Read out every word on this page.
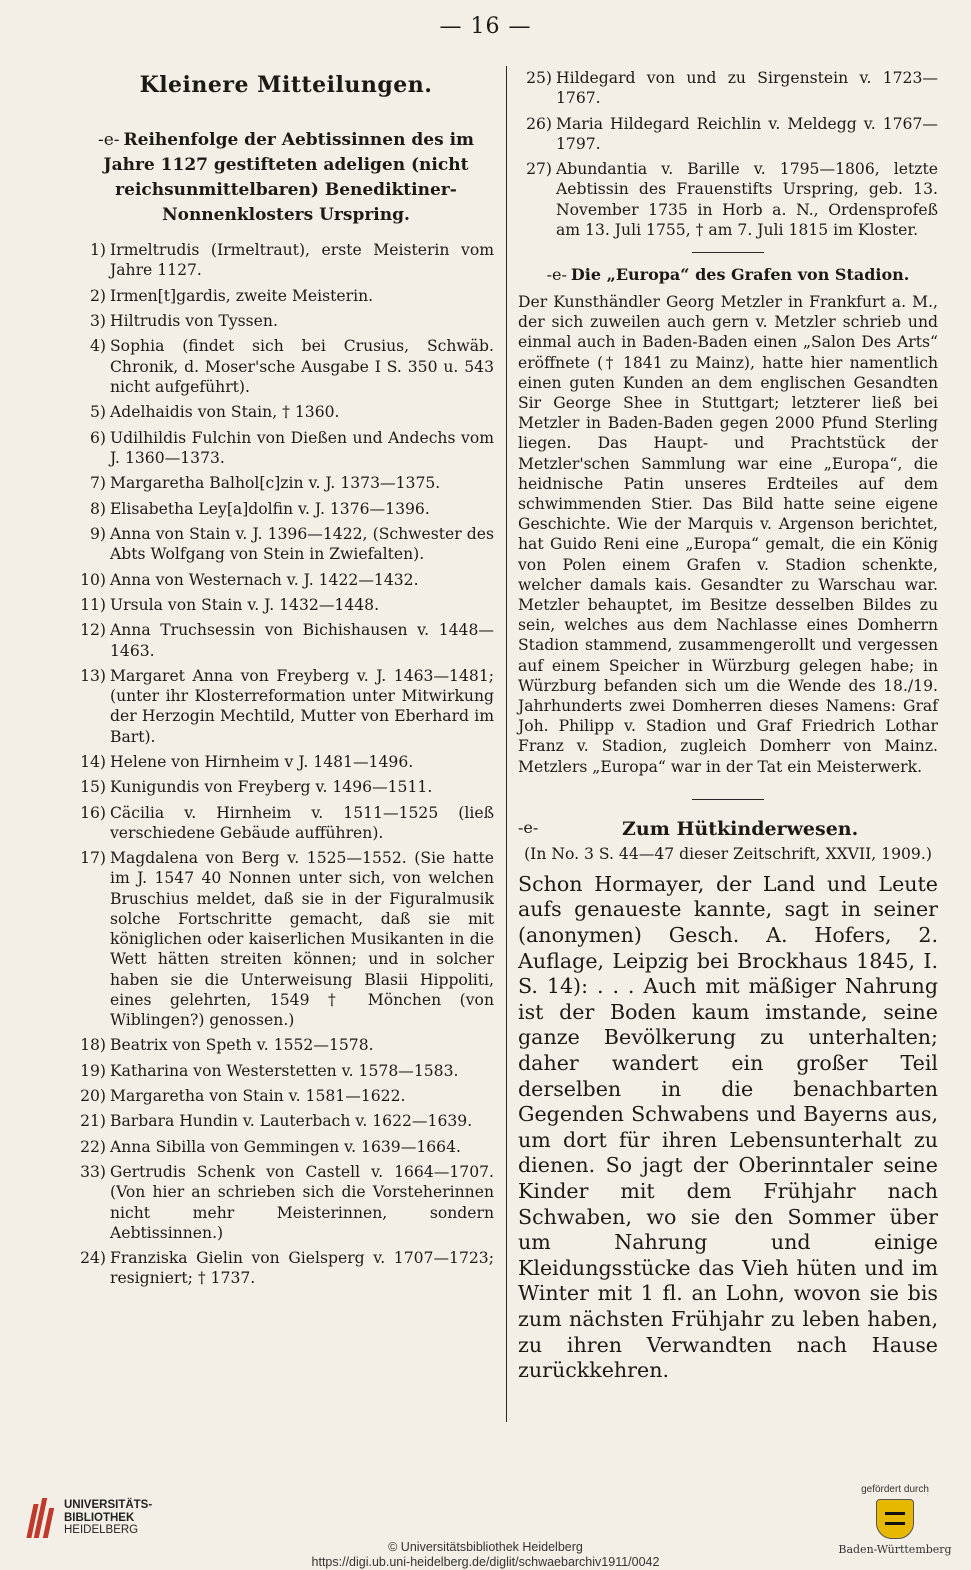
— 16 —
Kleinere Mitteilungen.
-e- Reihenfolge der Aebtissinnen des im Jahre 1127 gestifteten adeligen (nicht reichsunmittelbaren) Benediktiner-Nonnenklosters Urspring.
1) Irmeltrudis (Irmeltraut), erste Meisterin vom Jahre 1127.
2) Irmen[t]gardis, zweite Meisterin.
3) Hiltrudis von Tyssen.
4) Sophia (findet sich bei Crusius, Schwäb. Chronik, d. Moser'sche Ausgabe I S. 350 u. 543 nicht aufgeführt).
5) Adelhaidis von Stain, † 1360.
6) Udilhildis Fulchin von Dießen und Andechs vom J. 1360—1373.
7) Margaretha Balhol[c]zin v. J. 1373—1375.
8) Elisabetha Ley[a]dolfin v. J. 1376—1396.
9) Anna von Stain v. J. 1396—1422, (Schwester des Abts Wolfgang von Stein in Zwiefalten).
10) Anna von Westernach v. J. 1422—1432.
11) Ursula von Stain v. J. 1432—1448.
12) Anna Truchsessin von Bichishausen v. 1448—1463.
13) Margaret Anna von Freyberg v. J. 1463—1481; (unter ihr Klosterreformation unter Mitwirkung der Herzogin Mechtild, Mutter von Eberhard im Bart).
14) Helene von Hirnheim v J. 1481—1496.
15) Kunigundis von Freyberg v. 1496—1511.
16) Cäcilia v. Hirnheim v. 1511—1525 (ließ verschiedene Gebäude aufführen).
17) Magdalena von Berg v. 1525—1552. (Sie hatte im J. 1547 40 Nonnen unter sich, von welchen Bruschius meldet, daß sie in der Figuralmusik solche Fortschritte gemacht, daß sie mit königlichen oder kaiserlichen Musikanten in die Wett hätten streiten können; und in solcher haben sie die Unterweisung Blasii Hippoliti, eines gelehrten, 1549 † Mönchen (von Wiblingen?) genossen.)
18) Beatrix von Speth v. 1552—1578.
19) Katharina von Westerstetten v. 1578—1583.
20) Margaretha von Stain v. 1581—1622.
21) Barbara Hundin v. Lauterbach v. 1622—1639.
22) Anna Sibilla von Gemmingen v. 1639—1664.
33) Gertrudis Schenk von Castell v. 1664—1707. (Von hier an schrieben sich die Vorsteherinnen nicht mehr Meisterinnen, sondern Aebtissinnen.)
24) Franziska Gielin von Gielsperg v. 1707—1723; resigniert; † 1737.
25) Hildegard von und zu Sirgenstein v. 1723—1767.
26) Maria Hildegard Reichlin v. Meldegg v. 1767—1797.
27) Abundantia v. Barille v. 1795—1806, letzte Aebtissin des Frauenstifts Urspring, geb. 13. November 1735 in Horb a. N., Ordensprofeß am 13. Juli 1755, † am 7. Juli 1815 im Kloster.
-e- Die „Europa“ des Grafen von Stadion.

Der Kunsthändler Georg Metzler in Frankfurt a. M., der sich zuweilen auch gern v. Metzler schrieb und einmal auch in Baden-Baden einen „Salon Des Arts“ eröffnete († 1841 zu Mainz), hatte hier namentlich einen guten Kunden an dem englischen Gesandten Sir George Shee in Stuttgart; letzterer ließ bei Metzler in Baden-Baden gegen 2000 Pfund Sterling liegen. Das Haupt- und Prachtstück der Metzler'schen Sammlung war eine „Europa“, die heidnische Patin unseres Erdteiles auf dem schwimmenden Stier. Das Bild hatte seine eigene Geschichte. Wie der Marquis v. Argenson berichtet, hat Guido Reni eine „Europa“ gemalt, die ein König von Polen einem Grafen v. Stadion schenkte, welcher damals kais. Gesandter zu Warschau war. Metzler behauptet, im Besitze desselben Bildes zu sein, welches aus dem Nachlasse eines Domherrn Stadion stammend, zusammengerollt und vergessen auf einem Speicher in Würzburg gelegen habe; in Würzburg befanden sich um die Wende des 18./19. Jahrhunderts zwei Domherren dieses Namens: Graf Joh. Philipp v. Stadion und Graf Friedrich Lothar Franz v. Stadion, zugleich Domherr von Mainz. Metzlers „Europa“ war in der Tat ein Meisterwerk.

-e-	Zum Hütkinderwesen.
(In No. 3 S. 44—47 dieser Zeitschrift, XXVII, 1909.)

Schon Hormayer, der Land und Leute aufs genaueste kannte, sagt in seiner (anonymen) Gesch. A. Hofers, 2. Auflage, Leipzig bei Brockhaus 1845, I. S. 14): . . . Auch mit mäßiger Nahrung ist der Boden kaum imstande, seine ganze Bevölkerung zu unterhalten; daher wandert ein großer Teil derselben in die benachbarten Gegenden Schwabens und Bayerns aus, um dort für ihren Lebensunterhalt zu dienen. So jagt der Oberinntaler seine Kinder mit dem Frühjahr nach Schwaben, wo sie den Sommer über um Nahrung und einige Kleidungsstücke das Vieh hüten und im Winter mit 1 fl. an Lohn, wovon sie bis zum nächsten Frühjahr zu leben haben, zu ihren Verwandten nach Hause zurückkehren.

UNIVERSITÄTS-
BIBLIOTHEK
HEIDELBERG
© Universitätsbibliothek Heidelberg
https://digi.ub.uni-heidelberg.de/diglit/schwaebarchiv1911/0042
gefördert durch
Baden-Württemberg
